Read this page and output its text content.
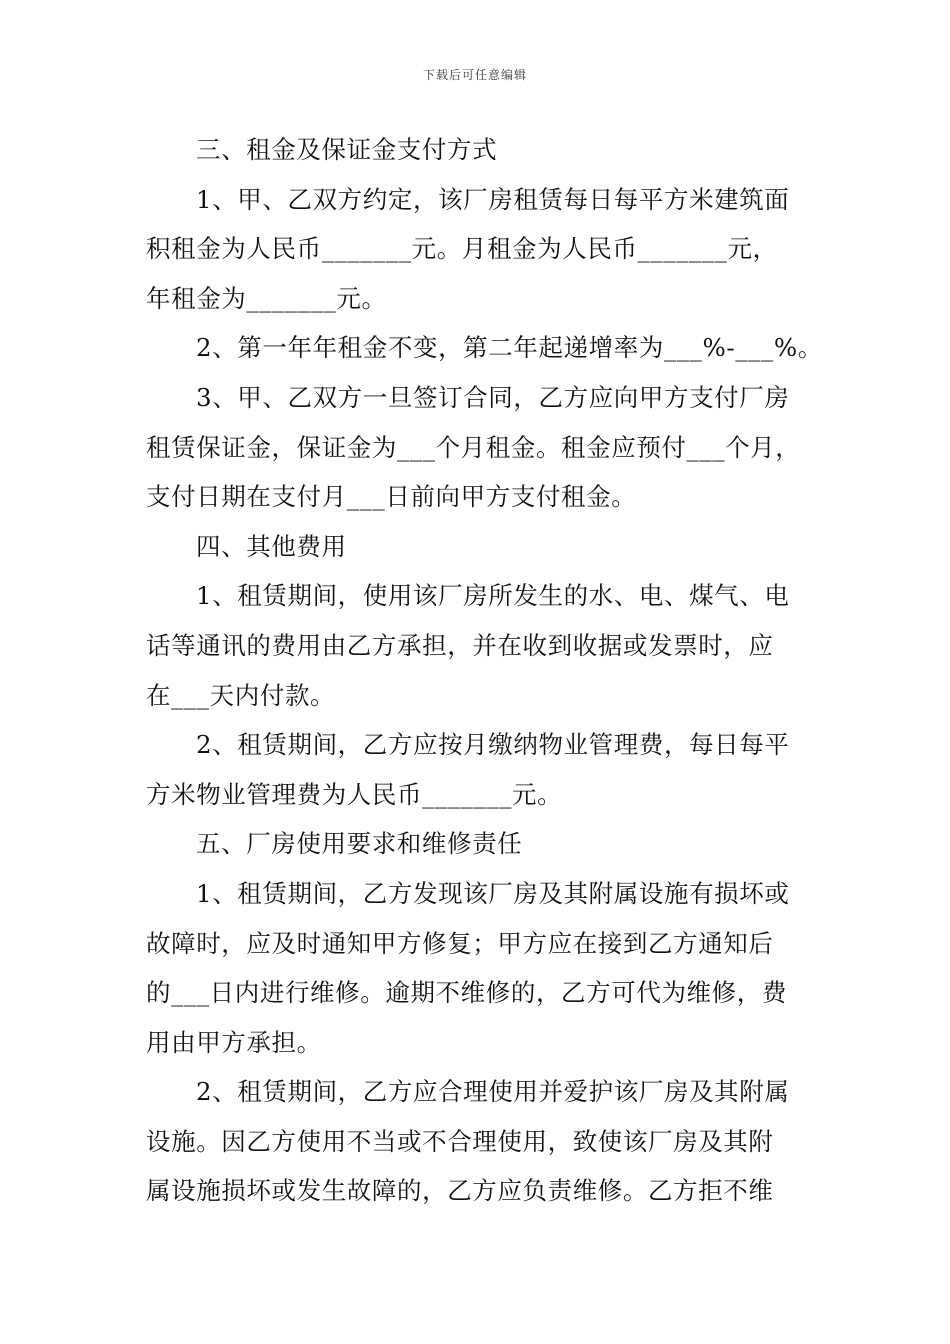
下载后可任意编辑
三、租金及保证金支付方式
1、甲、乙双方约定，该厂房租赁每日每平方米建筑面
积租金为人民币_______元。月租金为人民币_______元，
年租金为_______元。
2、第一年年租金不变，第二年起递增率为___%-___%。
3、甲、乙双方一旦签订合同，乙方应向甲方支付厂房
租赁保证金，保证金为___个月租金。租金应预付___个月，
支付日期在支付月___日前向甲方支付租金。
四、其他费用
1、租赁期间，使用该厂房所发生的水、电、煤气、电
话等通讯的费用由乙方承担，并在收到收据或发票时，应
在___天内付款。
2、租赁期间，乙方应按月缴纳物业管理费，每日每平
方米物业管理费为人民币_______元。
五、厂房使用要求和维修责任
1、租赁期间，乙方发现该厂房及其附属设施有损坏或
故障时，应及时通知甲方修复；甲方应在接到乙方通知后
的___日内进行维修。逾期不维修的，乙方可代为维修，费
用由甲方承担。
2、租赁期间，乙方应合理使用并爱护该厂房及其附属
设施。因乙方使用不当或不合理使用，致使该厂房及其附
属设施损坏或发生故障的，乙方应负责维修。乙方拒不维
